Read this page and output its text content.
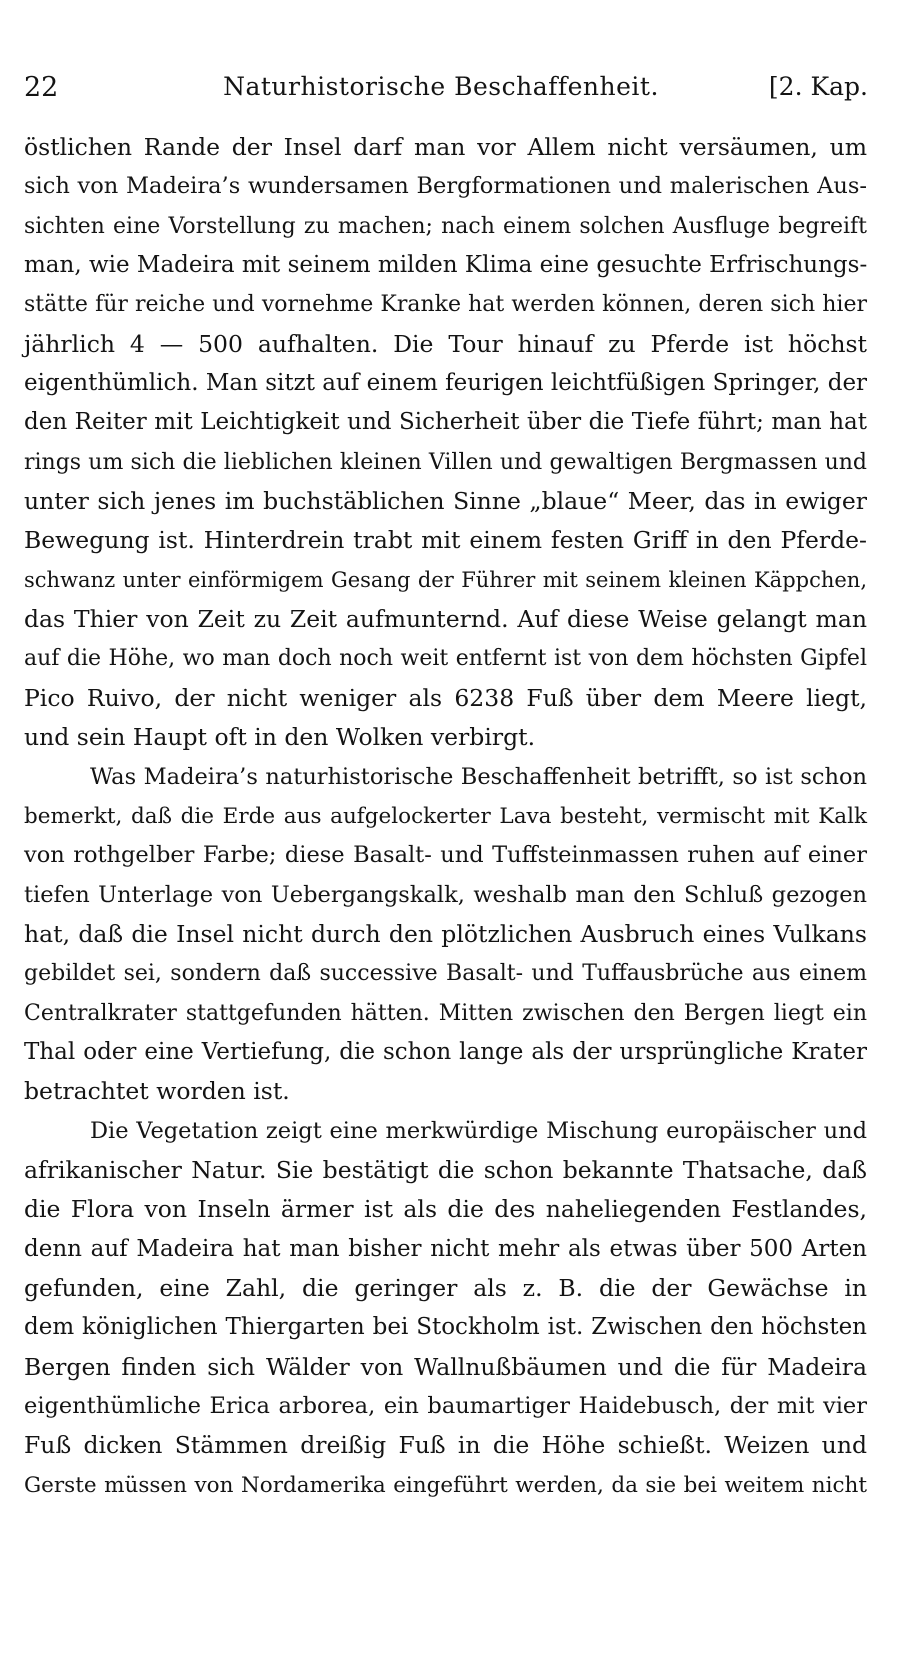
22	Naturhistorische Beschaffenheit.	[2. Kap.
östlichen Rande der Insel darf man vor Allem nicht versäumen, um
sich von Madeira’s wundersamen Bergformationen und malerischen Aus-
sichten eine Vorstellung zu machen; nach einem solchen Ausfluge begreift
man, wie Madeira mit seinem milden Klima eine gesuchte Erfrischungs-
stätte für reiche und vornehme Kranke hat werden können, deren sich hier
jährlich 4 — 500 aufhalten. Die Tour hinauf zu Pferde ist höchst
eigenthümlich. Man sitzt auf einem feurigen leichtfüßigen Springer, der
den Reiter mit Leichtigkeit und Sicherheit über die Tiefe führt; man hat
rings um sich die lieblichen kleinen Villen und gewaltigen Bergmassen und
unter sich jenes im buchstäblichen Sinne „blaue“ Meer, das in ewiger
Bewegung ist. Hinterdrein trabt mit einem festen Griff in den Pferde-
schwanz unter einförmigem Gesang der Führer mit seinem kleinen Käppchen,
das Thier von Zeit zu Zeit aufmunternd. Auf diese Weise gelangt man
auf die Höhe, wo man doch noch weit entfernt ist von dem höchsten Gipfel
Pico Ruivo, der nicht weniger als 6238 Fuß über dem Meere liegt,
und sein Haupt oft in den Wolken verbirgt.
Was Madeira’s naturhistorische Beschaffenheit betrifft, so ist schon
bemerkt, daß die Erde aus aufgelockerter Lava besteht, vermischt mit Kalk
von rothgelber Farbe; diese Basalt- und Tuffsteinmassen ruhen auf einer
tiefen Unterlage von Uebergangskalk, weshalb man den Schluß gezogen
hat, daß die Insel nicht durch den plötzlichen Ausbruch eines Vulkans
gebildet sei, sondern daß successive Basalt- und Tuffausbrüche aus einem
Centralkrater stattgefunden hätten. Mitten zwischen den Bergen liegt ein
Thal oder eine Vertiefung, die schon lange als der ursprüngliche Krater
betrachtet worden ist.
Die Vegetation zeigt eine merkwürdige Mischung europäischer und
afrikanischer Natur. Sie bestätigt die schon bekannte Thatsache, daß
die Flora von Inseln ärmer ist als die des naheliegenden Festlandes,
denn auf Madeira hat man bisher nicht mehr als etwas über 500 Arten
gefunden, eine Zahl, die geringer als z. B. die der Gewächse in
dem königlichen Thiergarten bei Stockholm ist. Zwischen den höchsten
Bergen finden sich Wälder von Wallnußbäumen und die für Madeira
eigenthümliche Erica arborea, ein baumartiger Haidebusch, der mit vier
Fuß dicken Stämmen dreißig Fuß in die Höhe schießt. Weizen und
Gerste müssen von Nordamerika eingeführt werden, da sie bei weitem nicht
